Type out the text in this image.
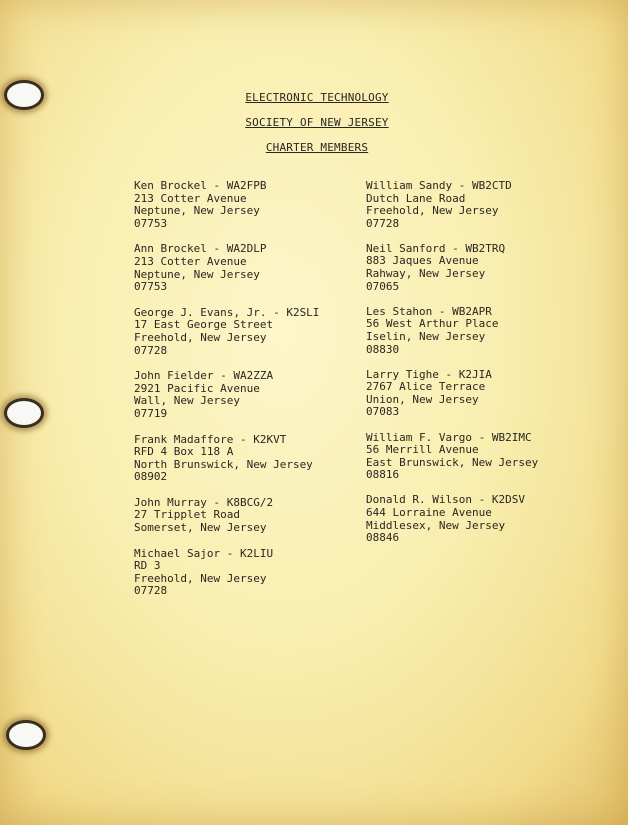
ELECTRONIC TECHNOLOGY
SOCIETY OF NEW JERSEY
CHARTER MEMBERS
Ken Brockel - WA2FPB
213 Cotter Avenue
Neptune, New Jersey
07753
Ann Brockel - WA2DLP
213 Cotter Avenue
Neptune, New Jersey
07753
George J. Evans, Jr. - K2SLI
17 East George Street
Freehold, New Jersey
07728
John Fielder - WA2ZZA
2921 Pacific Avenue
Wall, New Jersey
07719
Frank Madaffore - K2KVT
RFD 4 Box 118 A
North Brunswick, New Jersey
08902
John Murray - K8BCG/2
27 Tripplet Road
Somerset, New Jersey
Michael Sajor - K2LIU
RD 3
Freehold, New Jersey
07728
William Sandy - WB2CTD
Dutch Lane Road
Freehold, New Jersey
07728
Neil Sanford - WB2TRQ
883 Jaques Avenue
Rahway, New Jersey
07065
Les Stahon - WB2APR
56 West Arthur Place
Iselin, New Jersey
08830
Larry Tighe - K2JIA
2767 Alice Terrace
Union, New Jersey
07083
William F. Vargo - WB2IMC
56 Merrill Avenue
East Brunswick, New Jersey
08816
Donald R. Wilson - K2DSV
644 Lorraine Avenue
Middlesex, New Jersey
08846
